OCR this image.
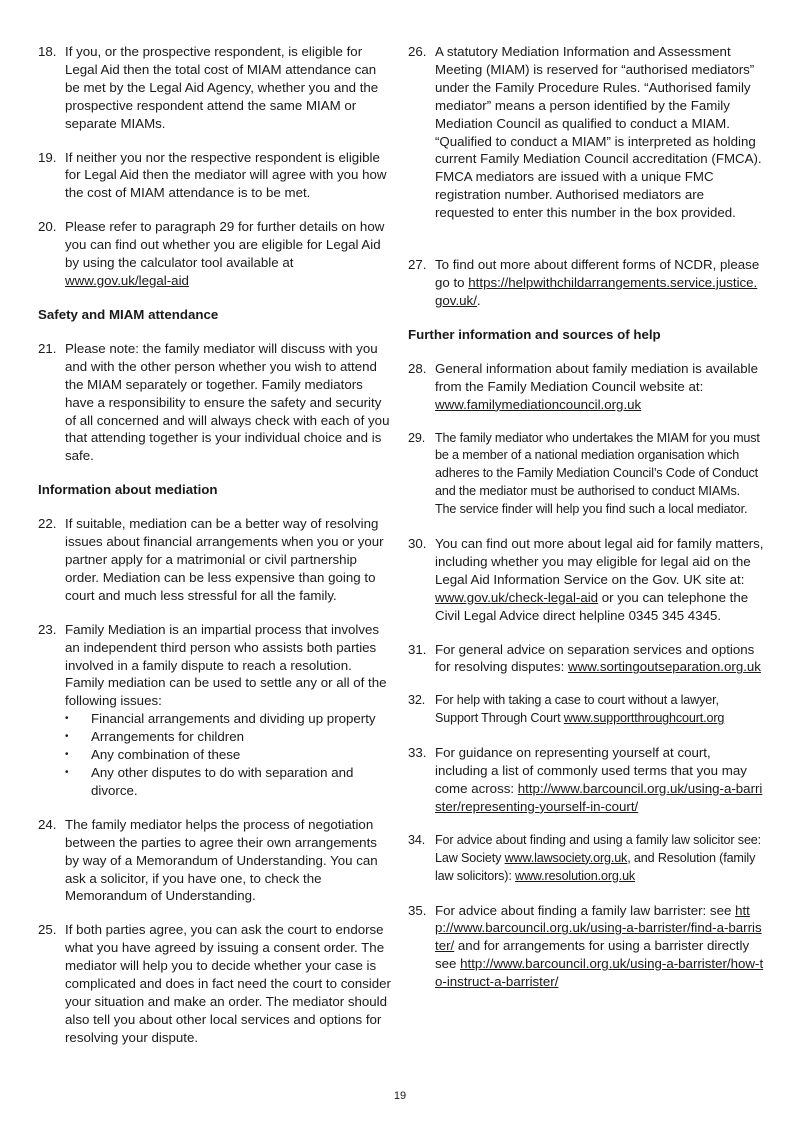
18. If you, or the prospective respondent, is eligible for Legal Aid then the total cost of MIAM attendance can be met by the Legal Aid Agency, whether you and the prospective respondent attend the same MIAM or separate MIAMs.
19. If neither you nor the respective respondent is eligible for Legal Aid then the mediator will agree with you how the cost of MIAM attendance is to be met.
20. Please refer to paragraph 29 for further details on how you can find out whether you are eligible for Legal Aid by using the calculator tool available at www.gov.uk/legal-aid
Safety and MIAM attendance
21. Please note: the family mediator will discuss with you and with the other person whether you wish to attend the MIAM separately or together. Family mediators have a responsibility to ensure the safety and security of all concerned and will always check with each of you that attending together is your individual choice and is safe.
Information about mediation
22. If suitable, mediation can be a better way of resolving issues about financial arrangements when you or your partner apply for a matrimonial or civil partnership order. Mediation can be less expensive than going to court and much less stressful for all the family.
23. Family Mediation is an impartial process that involves an independent third person who assists both parties involved in a family dispute to reach a resolution. Family mediation can be used to settle any or all of the following issues:
• Financial arrangements and dividing up property
• Arrangements for children
• Any combination of these
• Any other disputes to do with separation and divorce.
24. The family mediator helps the process of negotiation between the parties to agree their own arrangements by way of a Memorandum of Understanding. You can ask a solicitor, if you have one, to check the Memorandum of Understanding.
25. If both parties agree, you can ask the court to endorse what you have agreed by issuing a consent order. The mediator will help you to decide whether your case is complicated and does in fact need the court to consider your situation and make an order. The mediator should also tell you about other local services and options for resolving your dispute.
26. A statutory Mediation Information and Assessment Meeting (MIAM) is reserved for “authorised mediators” under the Family Procedure Rules. “Authorised family mediator” means a person identified by the Family Mediation Council as qualified to conduct a MIAM. “Qualified to conduct a MIAM” is interpreted as holding current Family Mediation Council accreditation (FMCA). FMCA mediators are issued with a unique FMC registration number. Authorised mediators are requested to enter this number in the box provided.
27. To find out more about different forms of NCDR, please go to https://helpwithchildarrangements.service.justice.gov.uk/.
Further information and sources of help
28. General information about family mediation is available from the Family Mediation Council website at: www.familymediationcouncil.org.uk
29. The family mediator who undertakes the MIAM for you must be a member of a national mediation organisation which adheres to the Family Mediation Council’s Code of Conduct and the mediator must be authorised to conduct MIAMs. The service finder will help you find such a local mediator.
30. You can find out more about legal aid for family matters, including whether you may eligible for legal aid on the Legal Aid Information Service on the Gov. UK site at: www.gov.uk/check-legal-aid or you can telephone the Civil Legal Advice direct helpline 0345 345 4345.
31. For general advice on separation services and options for resolving disputes: www.sortingoutseparation.org.uk
32. For help with taking a case to court without a lawyer, Support Through Court www.supportthroughcourt.org
33. For guidance on representing yourself at court, including a list of commonly used terms that you may come across: http://www.barcouncil.org.uk/using-a-barrister/representing-yourself-in-court/
34. For advice about finding and using a family law solicitor see: Law Society www.lawsociety.org.uk, and Resolution (family law solicitors): www.resolution.org.uk
35. For advice about finding a family law barrister: see http://www.barcouncil.org.uk/using-a-barrister/find-a-barrister/ and for arrangements for using a barrister directly see http://www.barcouncil.org.uk/using-a-barrister/how-to-instruct-a-barrister/
19
